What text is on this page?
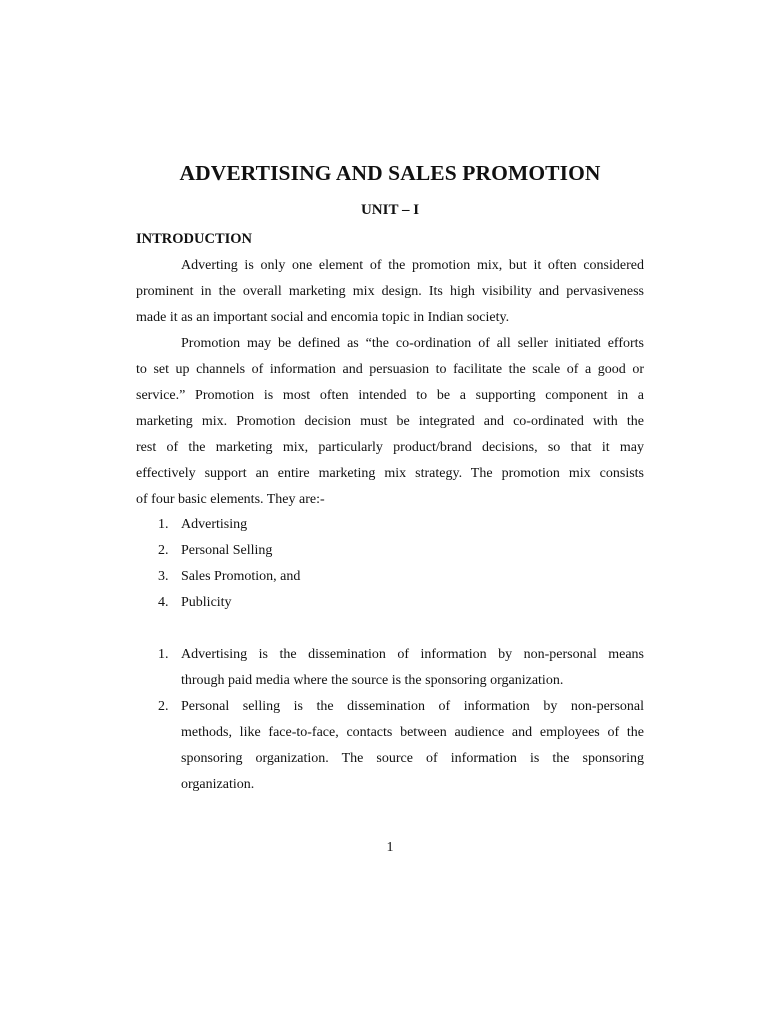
ADVERTISING AND SALES PROMOTION
UNIT – I
INTRODUCTION

Adverting is only one element of the promotion mix, but it often considered
prominent in the overall marketing mix design. Its high visibility and pervasiveness
made it as an important social and encomia topic in Indian society.

Promotion may be defined as “the co-ordination of all seller initiated efforts
to set up channels of information and persuasion to facilitate the scale of a good or
service.” Promotion is most often intended to be a supporting component in a
marketing mix. Promotion decision must be integrated and co-ordinated with the
rest of the marketing mix, particularly product/brand decisions, so that it may
effectively support an entire marketing mix strategy. The promotion mix consists
of four basic elements. They are:-

1. Advertising
2. Personal Selling
3. Sales Promotion, and
4. Publicity
1. Advertising is the dissemination of information by non-personal means
through paid media where the source is the sponsoring organization.
2. Personal selling is the dissemination of information by non-personal
methods, like face-to-face, contacts between audience and employees of the
sponsoring organization. The source of information is the sponsoring
organization.
1
